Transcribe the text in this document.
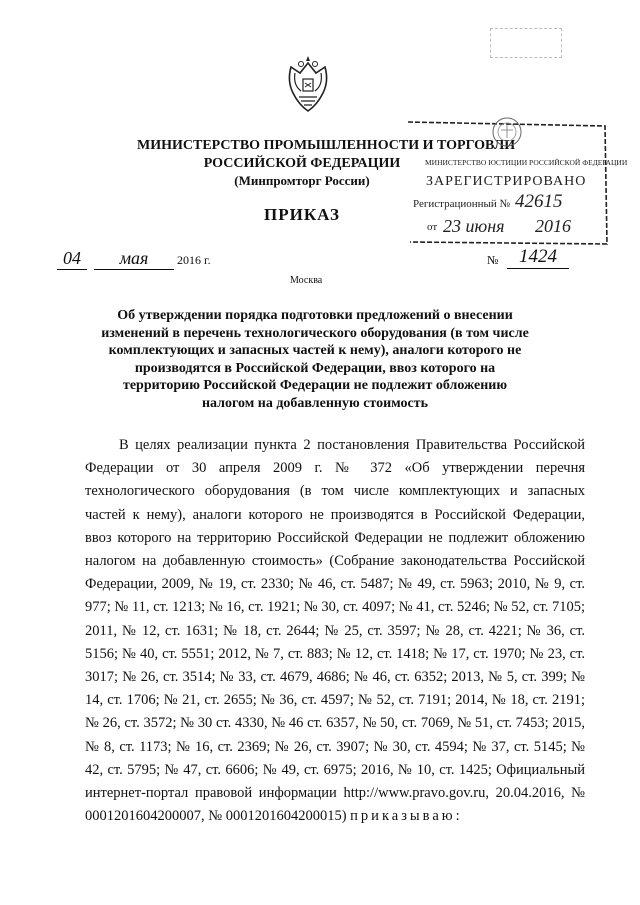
МИНИСТЕРСТВО ПРОМЫШЛЕННОСТИ И ТОРГОВЛИ
РОССИЙСКОЙ ФЕДЕРАЦИИ
(Минпромторг России)
ПРИКАЗ
МИНИСТЕРСТВО ЮСТИЦИИ РОССИЙСКОЙ ФЕДЕРАЦИИ
ЗАРЕГИСТРИРОВАНО
Регистрационный № 42615
от 23 июня 2016
04	мая	2016 г.	№	1424
Москва
Об утверждении порядка подготовки предложений о внесении изменений в перечень технологического оборудования (в том числе комплектующих и запасных частей к нему), аналоги которого не производятся в Российской Федерации, ввоз которого на территорию Российской Федерации не подлежит обложению налогом на добавленную стоимость
В целях реализации пункта 2 постановления Правительства Российской Федерации от 30 апреля 2009 г. № 372 «Об утверждении перечня технологического оборудования (в том числе комплектующих и запасных частей к нему), аналоги которого не производятся в Российской Федерации, ввоз которого на территорию Российской Федерации не подлежит обложению налогом на добавленную стоимость» (Собрание законодательства Российской Федерации, 2009, № 19, ст. 2330; № 46, ст. 5487; № 49, ст. 5963; 2010, № 9, ст. 977; № 11, ст. 1213; № 16, ст. 1921; № 30, ст. 4097; № 41, ст. 5246; № 52, ст. 7105; 2011, № 12, ст. 1631; № 18, ст. 2644; № 25, ст. 3597; № 28, ст. 4221; № 36, ст. 5156; № 40, ст. 5551; 2012, № 7, ст. 883; № 12, ст. 1418; № 17, ст. 1970; № 23, ст. 3017; № 26, ст. 3514; № 33, ст. 4679, 4686; № 46, ст. 6352; 2013, № 5, ст. 399; № 14, ст. 1706; № 21, ст. 2655; № 36, ст. 4597; № 52, ст. 7191; 2014, № 18, ст. 2191; № 26, ст. 3572; № 30 ст. 4330, № 46 ст. 6357, № 50, ст. 7069, № 51, ст. 7453; 2015, № 8, ст. 1173; № 16, ст. 2369; № 26, ст. 3907; № 30, ст. 4594; № 37, ст. 5145; № 42, ст. 5795; № 47, ст. 6606; № 49, ст. 6975; 2016, № 10, ст. 1425; Официальный интернет-портал правовой информации http://www.pravo.gov.ru, 20.04.2016, № 0001201604200007, № 0001201604200015) приказываю:
